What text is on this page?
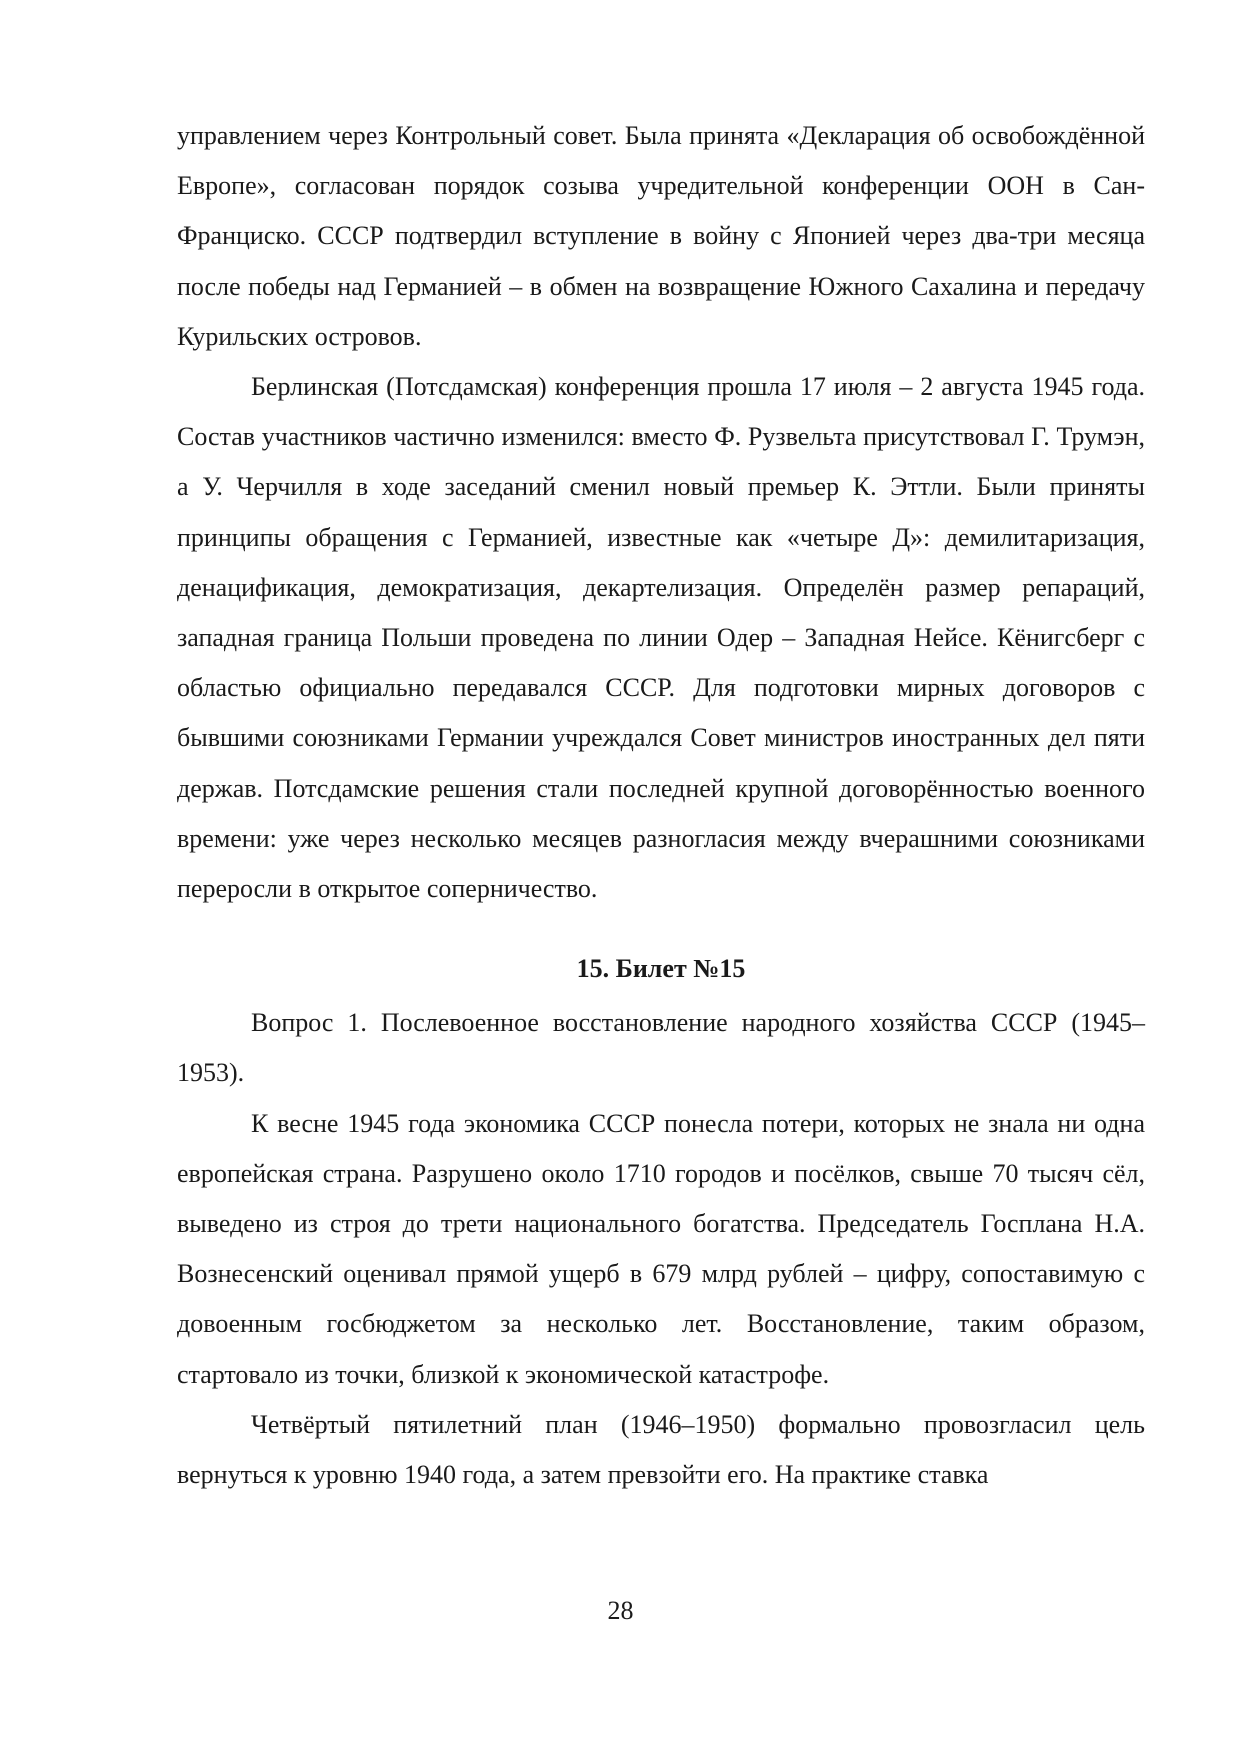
управлением через Контрольный совет. Была принята «Декларация об освобождённой Европе», согласован порядок созыва учредительной конференции ООН в Сан-Франциско. СССР подтвердил вступление в войну с Японией через два-три месяца после победы над Германией – в обмен на возвращение Южного Сахалина и передачу Курильских островов.

Берлинская (Потсдамская) конференция прошла 17 июля – 2 августа 1945 года. Состав участников частично изменился: вместо Ф. Рузвельта присутствовал Г. Трумэн, а У. Черчилля в ходе заседаний сменил новый премьер К. Эттли. Были приняты принципы обращения с Германией, известные как «четыре Д»: демилитаризация, денацификация, демократизация, декартелизация. Определён размер репараций, западная граница Польши проведена по линии Одер – Западная Нейсе. Кёнигсберг с областью официально передавался СССР. Для подготовки мирных договоров с бывшими союзниками Германии учреждался Совет министров иностранных дел пяти держав. Потсдамские решения стали последней крупной договорённостью военного времени: уже через несколько месяцев разногласия между вчерашними союзниками переросли в открытое соперничество.

15. Билет №15

Вопрос 1. Послевоенное восстановление народного хозяйства СССР (1945–1953).

К весне 1945 года экономика СССР понесла потери, которых не знала ни одна европейская страна. Разрушено около 1710 городов и посёлков, свыше 70 тысяч сёл, выведено из строя до трети национального богатства. Председатель Госплана Н.А. Вознесенский оценивал прямой ущерб в 679 млрд рублей – цифру, сопоставимую с довоенным госбюджетом за несколько лет. Восстановление, таким образом, стартовало из точки, близкой к экономической катастрофе.

Четвёртый пятилетний план (1946–1950) формально провозгласил цель вернуться к уровню 1940 года, а затем превзойти его. На практике ставка

28
